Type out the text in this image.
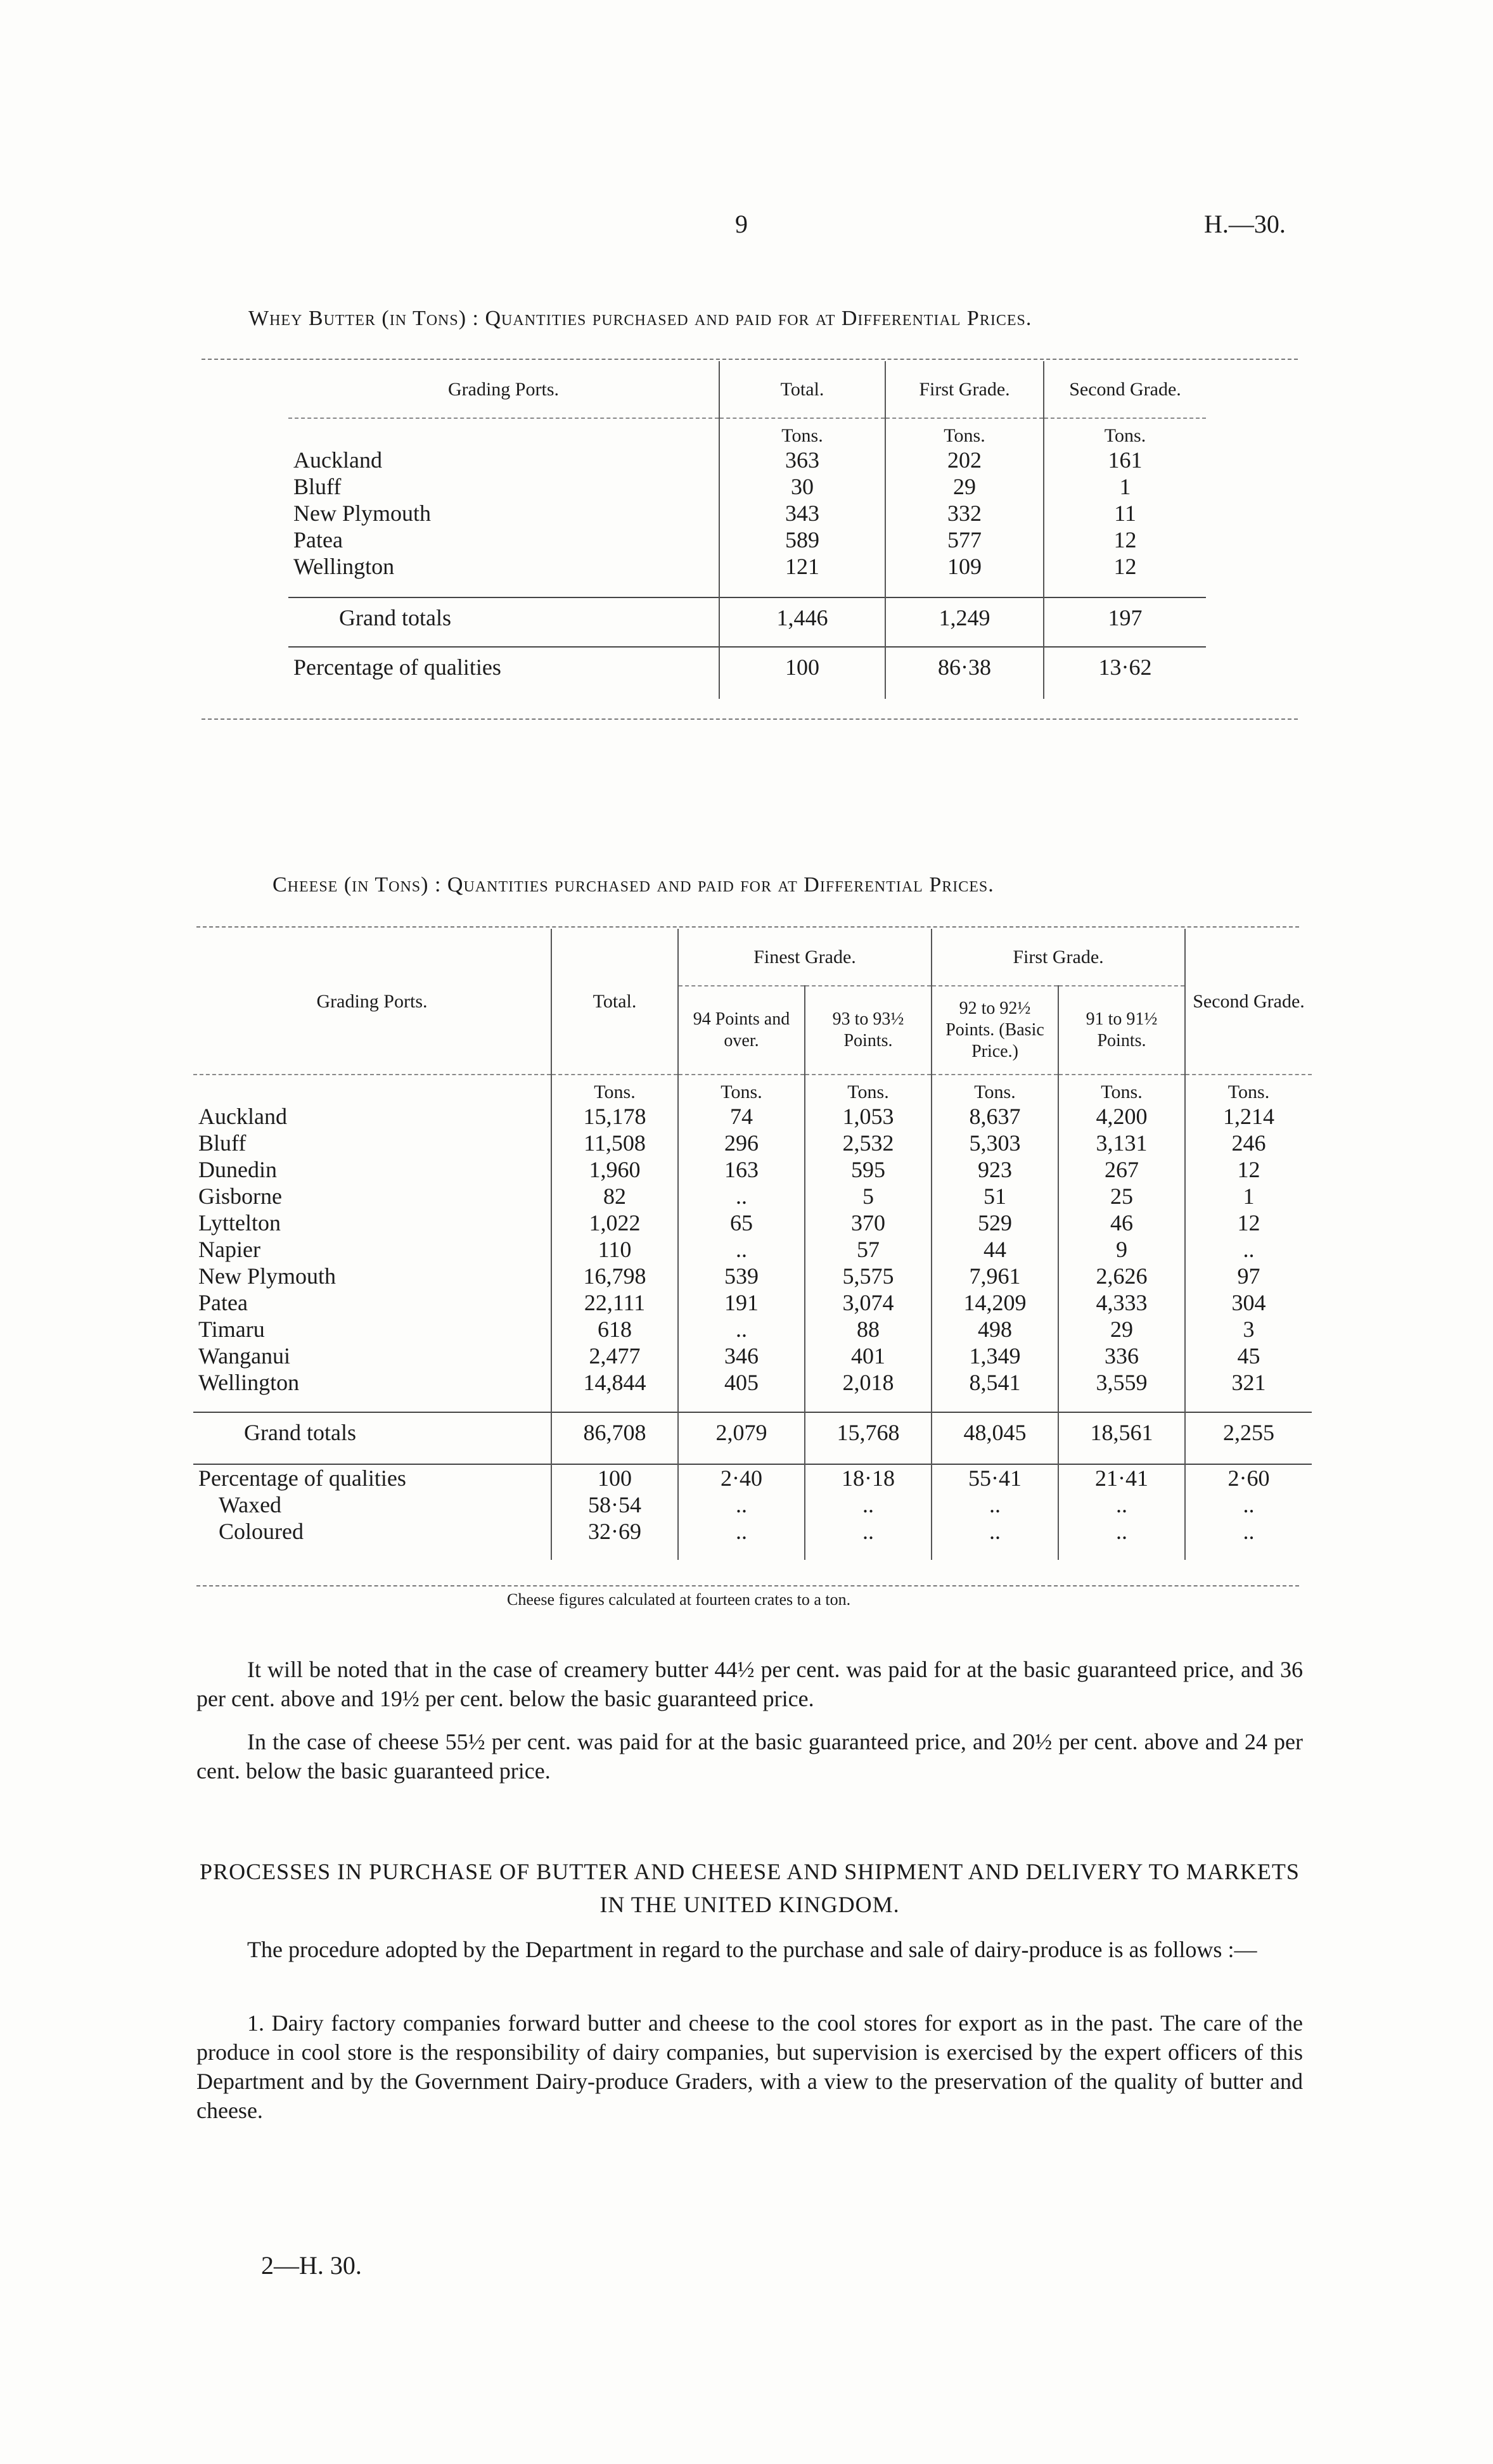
9	H.—30.
Whey Butter (in Tons) : Quantities purchased and paid for at Differential Prices.
Grading Ports.	Total.	First Grade.	Second Grade.
	Tons.	Tons.	Tons.
Auckland	363	202	161
Bluff	30	29	1
New Plymouth	343	332	11
Patea	589	577	12
Wellington	121	109	12

Grand totals	1,446	1,249	197

Percentage of qualities	100	86·38	13·62

Cheese (in Tons) : Quantities purchased and paid for at Differential Prices.
Grading Ports.	Total.	Finest Grade.		First Grade.		Second Grade.
		94 Points and over.	93 to 93½ Points.	92 to 92½ Points. (Basic Price.)	91 to 91½ Points.	
	Tons.	Tons.	Tons.	Tons.	Tons.	Tons.
Auckland	15,178	74	1,053	8,637	4,200	1,214
Bluff	11,508	296	2,532	5,303	3,131	246
Dunedin	1,960	163	595	923	267	12
Gisborne	82	..	5	51	25	1
Lyttelton	1,022	65	370	529	46	12
Napier	110	..	57	44	9	..
New Plymouth	16,798	539	5,575	7,961	2,626	97
Patea	22,111	191	3,074	14,209	4,333	304
Timaru	618	..	88	498	29	3
Wanganui	2,477	346	401	1,349	336	45
Wellington	14,844	405	2,018	8,541	3,559	321

Grand totals	86,708	2,079	15,768	48,045	18,561	2,255

Percentage of qualities	100	2·40	18·18	55·41	21·41	2·60
Waxed	58·54	..	..	..	..	..
Coloured	32·69	..	..	..	..	..

Cheese figures calculated at fourteen crates to a ton.
It will be noted that in the case of creamery butter 44½ per cent. was paid for at the basic guaranteed price, and 36 per cent. above and 19½ per cent. below the basic guaranteed price.
In the case of cheese 55½ per cent. was paid for at the basic guaranteed price, and 20½ per cent. above and 24 per cent. below the basic guaranteed price.
PROCESSES IN PURCHASE OF BUTTER AND CHEESE AND SHIPMENT AND DELIVERY TO MARKETS IN THE UNITED KINGDOM.
The procedure adopted by the Department in regard to the purchase and sale of dairy-produce is as follows :—
1. Dairy factory companies forward butter and cheese to the cool stores for export as in the past. The care of the produce in cool store is the responsibility of dairy companies, but supervision is exercised by the expert officers of this Department and by the Government Dairy-produce Graders, with a view to the preservation of the quality of butter and cheese.
2—H. 30.
